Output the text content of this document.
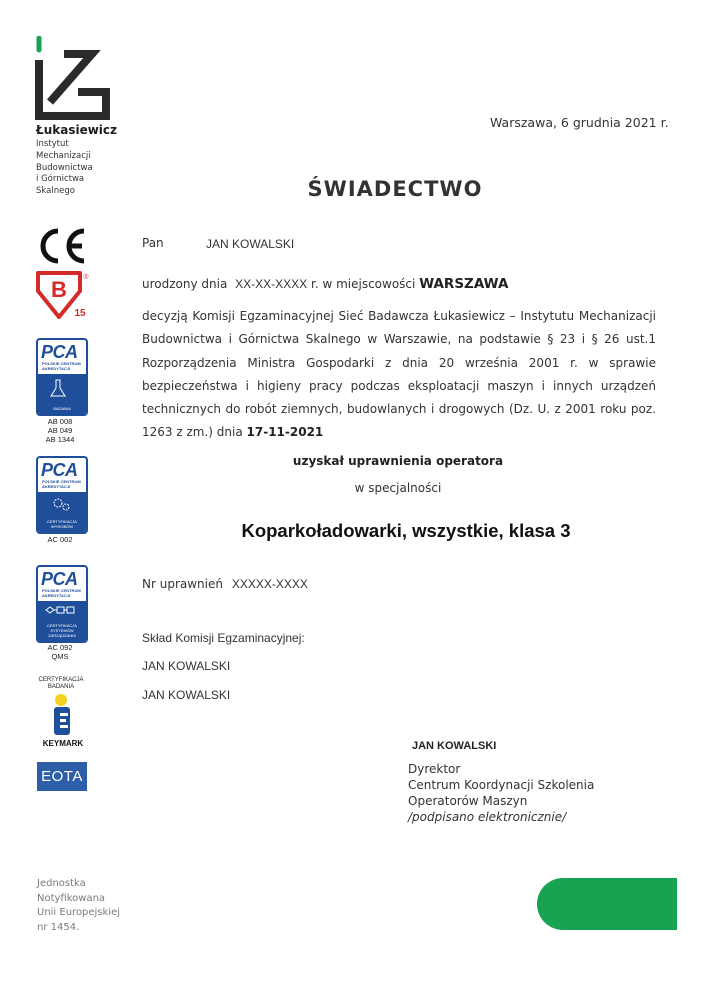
Łukasiewicz
Instytut
Mechanizacji
Budownictwa
i Górnictwa
Skalnego
B ®
15
PCA
POLSKIE CENTRUM AKREDYTACJI
BADANIA
AB 008
AB 049
AB 1344
PCA
POLSKIE CENTRUM AKREDYTACJI
CERTYFIKACJA WYROBÓW
AC 002
PCA
POLSKIE CENTRUM AKREDYTACJI
CERTYFIKACJA SYSTEMÓW ZARZĄDZANIA
AC 092
QMS
CERTYFIKACJA BADANIA
KEYMARK
EOTA
Warszawa, 6 grudnia 2021 r.
ŚWIADECTWO
Pan	JAN KOWALSKI
urodzony dnia XX-XX-XXXX r. w miejscowości WARSZAWA
decyzją Komisji Egzaminacyjnej Sieć Badawcza Łukasiewicz – Instytutu Mechanizacji Budownictwa i Górnictwa Skalnego w Warszawie, na podstawie § 23 i § 26 ust.1 Rozporządzenia Ministra Gospodarki z dnia 20 września 2001 r. w sprawie bezpieczeństwa i higieny pracy podczas eksploatacji maszyn i innych urządzeń technicznych do robót ziemnych, budowlanych i drogowych (Dz. U. z 2001 roku poz. 1263 z zm.) dnia 17-11-2021
uzyskał uprawnienia operatora
w specjalności
Koparkoładowarki, wszystkie, klasa 3
Nr uprawnień XXXXX-XXXX
Skład Komisji Egzaminacyjnej:
JAN KOWALSKI
JAN KOWALSKI
JAN KOWALSKI
Dyrektor
Centrum Koordynacji Szkolenia
Operatorów Maszyn
/podpisano elektronicznie/
Jednostka
Notyfikowana
Unii Europejskiej
nr 1454.
